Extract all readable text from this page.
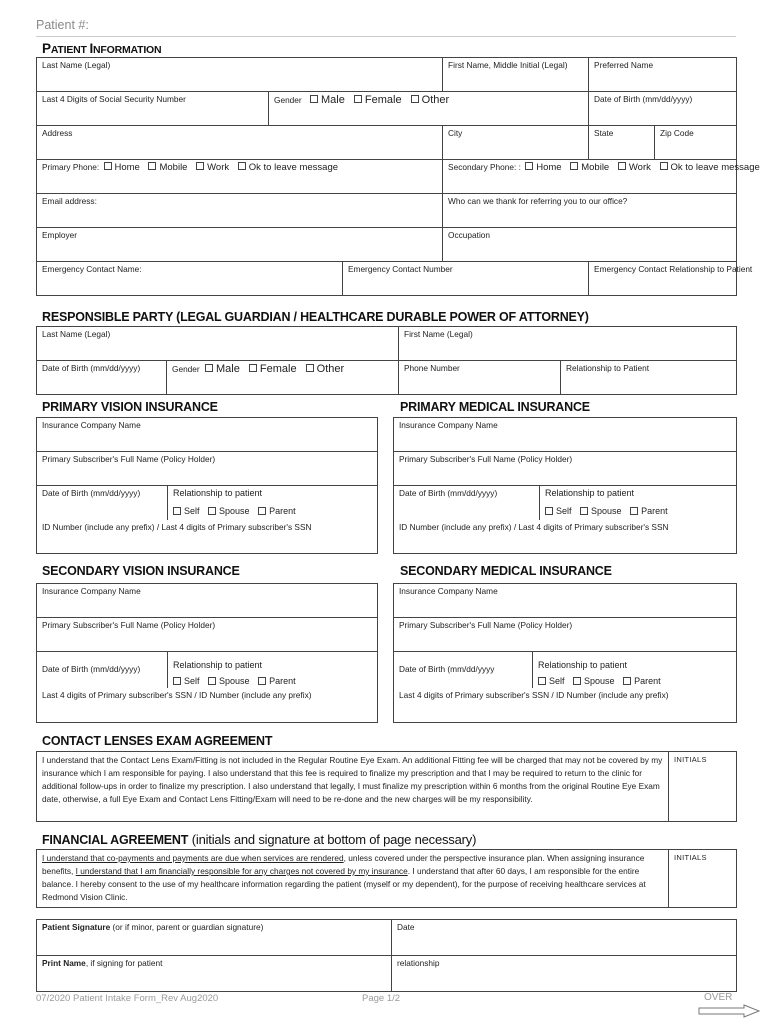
Patient #:
PATIENT INFORMATION
Last Name (Legal)			First Name, Middle Initial (Legal)	Preferred Name	

Last 4 Digits of Social Security Number	Gender Male Female Other			Date of Birth (mm/dd/yyyy)	

Address			City	State	Zip Code

Primary Phone: Home Mobile Work Ok to leave message			Secondary Phone: : Home Mobile Work Ok to leave message		

Email address:			Who can we thank for referring you to our office?		

Employer			Occupation		

Emergency Contact Name:		Emergency Contact Number		Emergency Contact Relationship to Patient	
RESPONSIBLE PARTY (LEGAL GUARDIAN / HEALTHCARE DURABLE POWER OF ATTORNEY)
Last Name (Legal)		First Name (Legal)	

Date of Birth (mm/dd/yyyy)	Gender Male Female Other	Phone Number	Relationship to Patient
PRIMARY VISION INSURANCE	PRIMARY MEDICAL INSURANCE
Insurance Company Name

Primary Subscriber's Full Name (Policy Holder)

Date of Birth (mm/dd/yyyy)	Relationship to patient
Self Spouse Parent

ID Number (include any prefix) / Last 4 digits of Primary subscriber's SSN
Insurance Company Name

Primary Subscriber's Full Name (Policy Holder)

Date of Birth (mm/dd/yyyy)	Relationship to patient
Self Spouse Parent

ID Number (include any prefix) / Last 4 digits of Primary subscriber's SSN
SECONDARY VISION INSURANCE	SECONDARY MEDICAL INSURANCE
Insurance Company Name

Primary Subscriber's Full Name (Policy Holder)

Date of Birth (mm/dd/yyyy)	Relationship to patient
Self Spouse Parent

Last 4 digits of Primary subscriber's SSN / ID Number (include any prefix)
Insurance Company Name

Primary Subscriber's Full Name (Policy Holder)

Date of Birth (mm/dd/yyyy	Relationship to patient
Self Spouse Parent

Last 4 digits of Primary subscriber's SSN / ID Number (include any prefix)
CONTACT LENSES EXAM AGREEMENT
I understand that the Contact Lens Exam/Fitting is not included in the Regular Routine Eye Exam. An additional Fitting fee will be charged that may not be covered by my insurance which I am responsible for paying. I also understand that this fee is required to finalize my prescription and that I may be required to return to the clinic for additional follow-ups in order to finalize my prescription. I also understand that legally, I must finalize my prescription within 6 months from the original Routine Eye Exam date, otherwise, a full Eye Exam and Contact Lens Fitting/Exam will need to be re-done and the new charges will be my responsibility.	INITIALS
FINANCIAL AGREEMENT (initials and signature at bottom of page necessary)
I understand that co-payments and payments are due when services are rendered, unless covered under the perspective insurance plan. When assigning insurance benefits, I understand that I am financially responsible for any charges not covered by my insurance. I understand that after 60 days, I am responsible for the entire balance. I hereby consent to the use of my healthcare information regarding the patient (myself or my dependent), for the purpose of receiving healthcare services at Redmond Vision Clinic.	INITIALS
Patient Signature (or if minor, parent or guardian signature)	Date

Print Name, if signing for patient	relationship
07/2020 Patient Intake Form_Rev Aug2020	Page 1/2	OVER
